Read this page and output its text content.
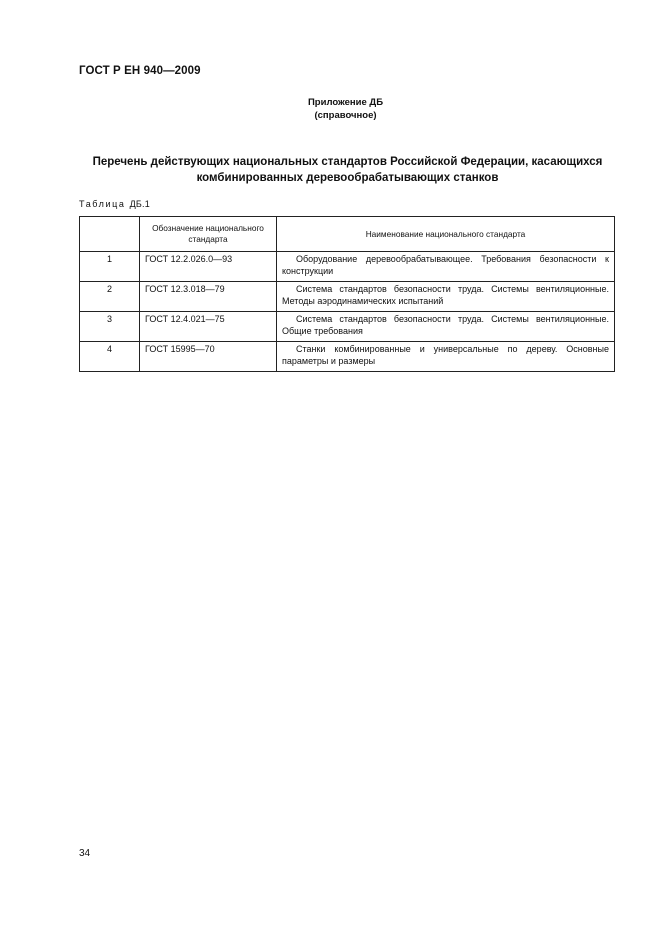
ГОСТ Р ЕН 940—2009
Приложение ДБ
(справочное)
Перечень действующих национальных стандартов Российской Федерации, касающихся
комбинированных деревообрабатывающих станков
Таблица ДБ.1
	Обозначение национального стандарта	Наименование национального стандарта
1	ГОСТ 12.2.026.0—93	Оборудование деревообрабатывающее. Требования безопасности к конструкции
2	ГОСТ 12.3.018—79	Система стандартов безопасности труда. Системы вентиляционные. Методы аэродинамических испытаний
3	ГОСТ 12.4.021—75	Система стандартов безопасности труда. Системы вентиляционные. Общие требования
4	ГОСТ 15995—70	Станки комбинированные и универсальные по дереву. Основные параметры и размеры
34
